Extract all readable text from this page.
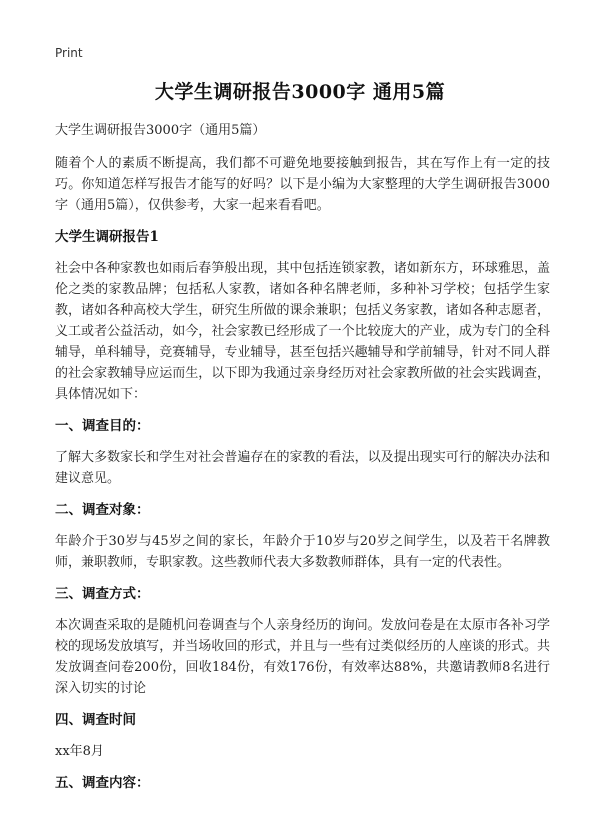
Print
大学生调研报告3000字 通用5篇
大学生调研报告3000字（通用5篇）

随着个人的素质不断提高，我们都不可避免地要接触到报告，其在写作上有一定的技巧。你知道怎样写报告才能写的好吗？以下是小编为大家整理的大学生调研报告3000字（通用5篇），仅供参考，大家一起来看看吧。

大学生调研报告1

社会中各种家教也如雨后春笋般出现，其中包括连锁家教，诸如新东方，环球雅思，盖伦之类的家教品牌；包括私人家教，诸如各种名牌老师，多种补习学校；包括学生家教，诸如各种高校大学生，研究生所做的课余兼职；包括义务家教，诸如各种志愿者，义工或者公益活动，如今，社会家教已经形成了一个比较庞大的产业，成为专门的全科辅导，单科辅导，竞赛辅导，专业辅导，甚至包括兴趣辅导和学前辅导，针对不同人群的社会家教辅导应运而生，以下即为我通过亲身经历对社会家教所做的社会实践调查，具体情况如下：

一、调查目的：

了解大多数家长和学生对社会普遍存在的家教的看法，以及提出现实可行的解决办法和建议意见。

二、调查对象：

年龄介于30岁与45岁之间的家长，年龄介于10岁与20岁之间学生，以及若干名牌教师，兼职教师，专职家教。这些教师代表大多数教师群体，具有一定的代表性。

三、调查方式：

本次调查采取的是随机问卷调查与个人亲身经历的询问。发放问卷是在太原市各补习学校的现场发放填写，并当场收回的形式，并且与一些有过类似经历的人座谈的形式。共发放调查问卷200份，回收184份，有效176份，有效率达88%，共邀请教师8名进行深入切实的讨论

四、调查时间

xx年8月

五、调查内容：
